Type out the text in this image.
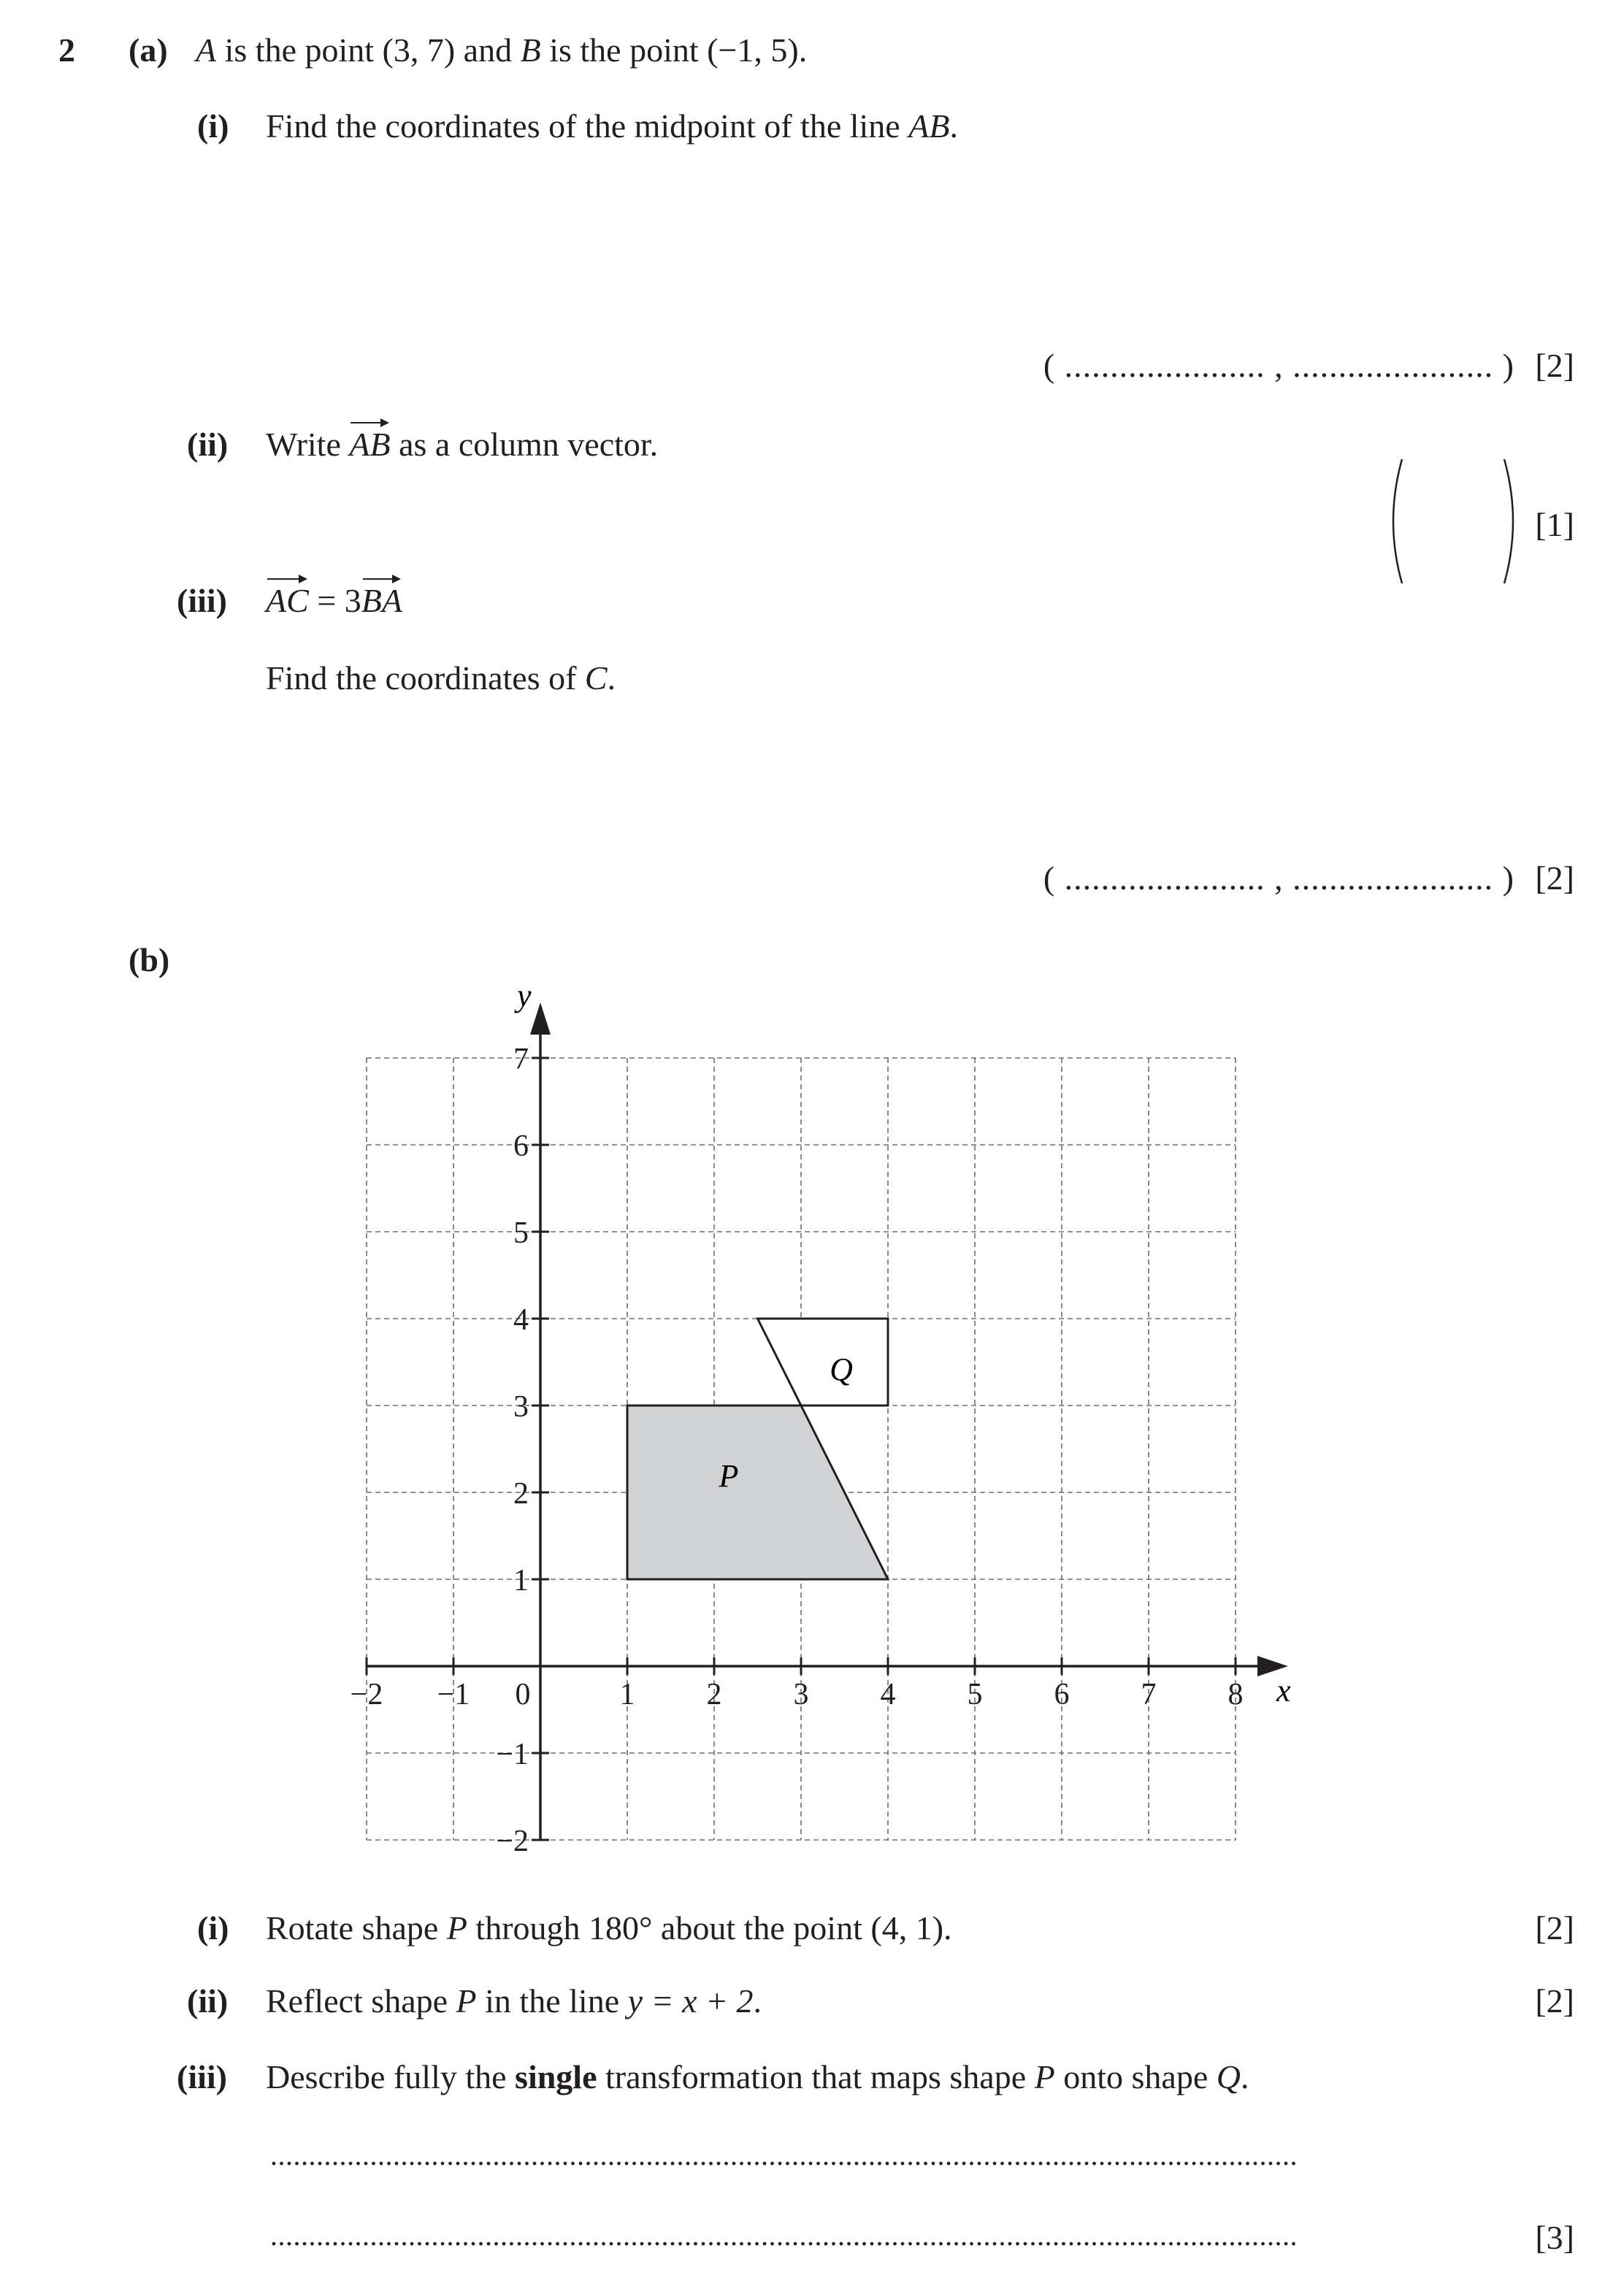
2 (a) A is the point (3, 7) and B is the point (−1, 5).
(i) Find the coordinates of the midpoint of the line AB.
( ...................... , ...................... ) [2]
(ii) Write AB as a column vector.
[1]
(iii) AC = 3BA
Find the coordinates of C.
( ...................... , ...................... ) [2]
(b)
−2 −1 0	1 2 3 4 5 6 7 8
7
6
5
4
3
2
1
−1
−2
x
y
P
Q
(i) Rotate shape P through 180° about the point (4, 1).	[2]
(ii) Reflect shape P in the line y = x + 2.	[2]
(iii) Describe fully the single transformation that maps shape P onto shape Q.
......................................................................................................................................
......................................................................................................................................	[3]
